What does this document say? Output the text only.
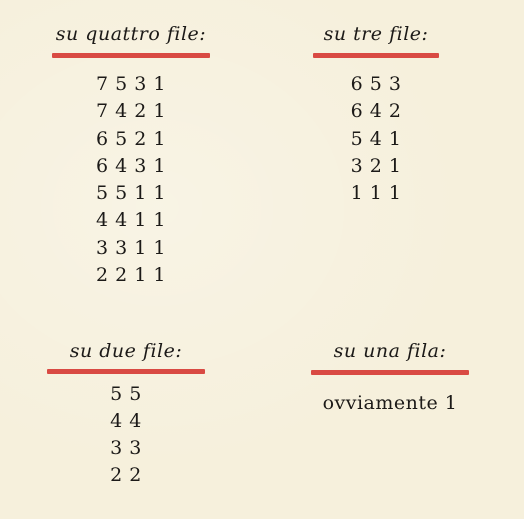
su quattro file:
7 5 3 1
7 4 2 1
6 5 2 1
6 4 3 1
5 5 1 1
4 4 1 1
3 3 1 1
2 2 1 1
su tre file:
6 5 3
6 4 2
5 4 1
3 2 1
1 1 1
su due file:
5 5
4 4
3 3
2 2
su una fila:
ovviamente 1
